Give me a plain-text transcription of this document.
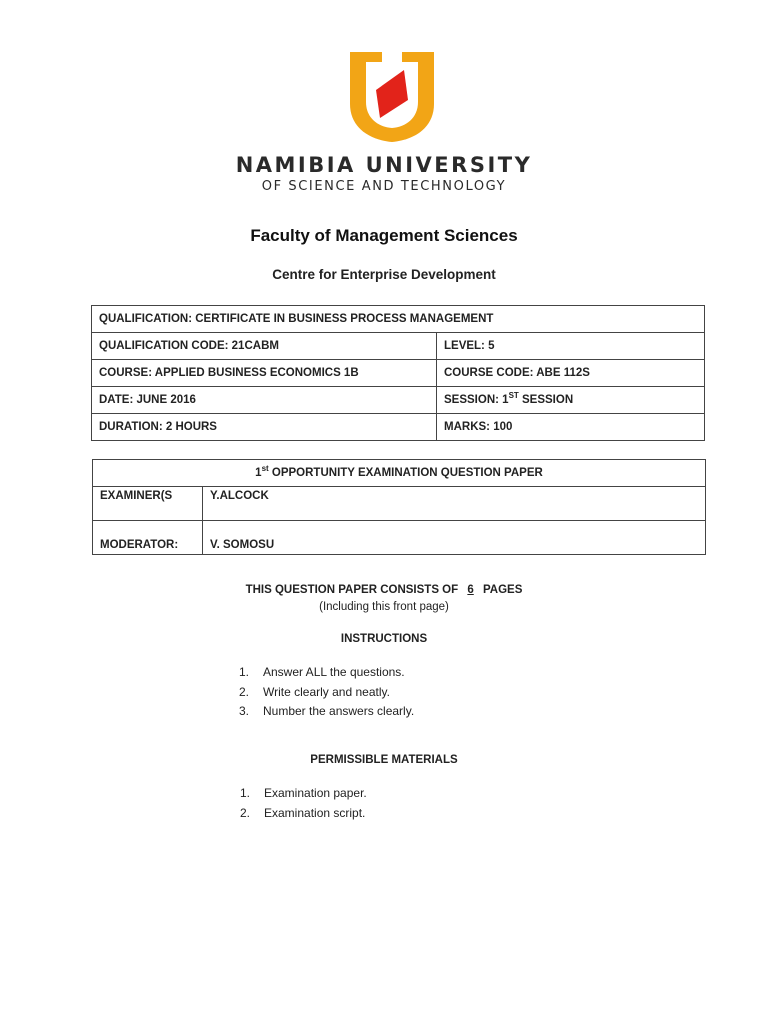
NAMIBIA UNIVERSITY
OF SCIENCE AND TECHNOLOGY
Faculty of Management Sciences
Centre for Enterprise Development
QUALIFICATION: CERTIFICATE IN BUSINESS PROCESS MANAGEMENT	
QUALIFICATION CODE: 21CABM	LEVEL: 5
COURSE: APPLIED BUSINESS ECONOMICS 1B	COURSE CODE: ABE 112S
DATE: JUNE 2016	SESSION: 1ST SESSION
DURATION: 2 HOURS	MARKS: 100
1st OPPORTUNITY EXAMINATION QUESTION PAPER	
EXAMINER(S	Y.ALCOCK
MODERATOR:	V. SOMOSU
THIS QUESTION PAPER CONSISTS OF 6 PAGES
(Including this front page)
INSTRUCTIONS
1. Answer ALL the questions.
2. Write clearly and neatly.
3. Number the answers clearly.
PERMISSIBLE MATERIALS
1. Examination paper.
2. Examination script.
